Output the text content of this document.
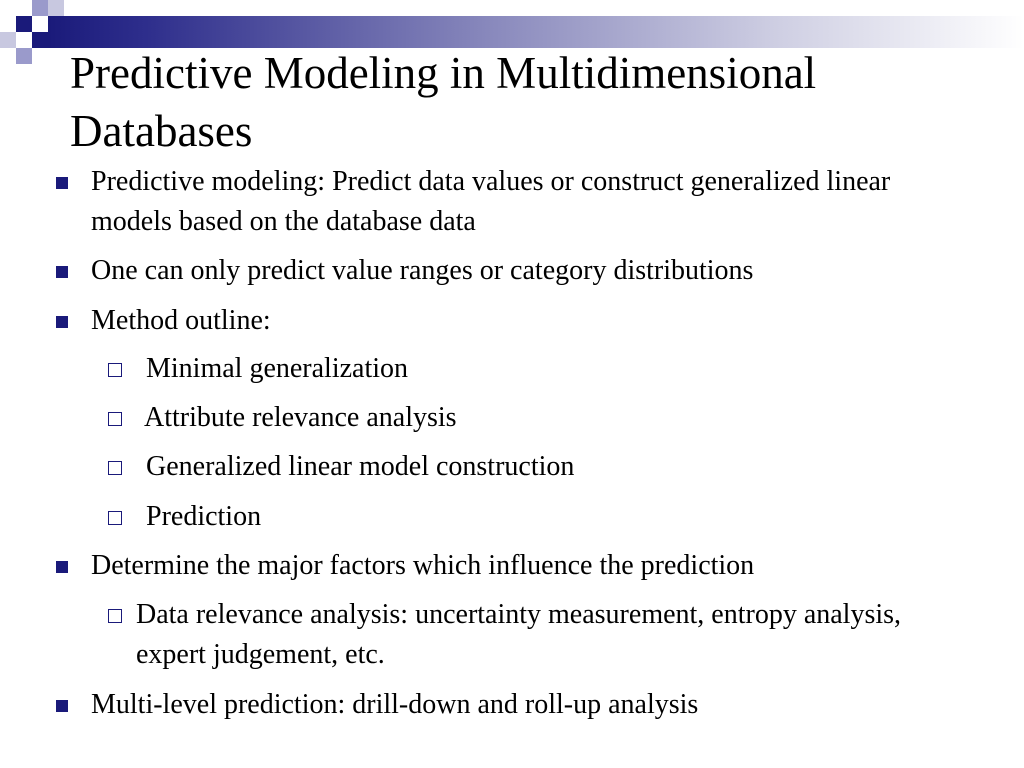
Predictive Modeling in Multidimensional Databases
Predictive modeling: Predict data values or construct generalized linear models based on the database data
One can only predict value ranges or category distributions
Method outline:
Minimal generalization
Attribute relevance analysis
Generalized linear model construction
Prediction
Determine the major factors which influence the prediction
Data relevance analysis: uncertainty measurement, entropy analysis, expert judgement, etc.
Multi-level prediction: drill-down and roll-up analysis
